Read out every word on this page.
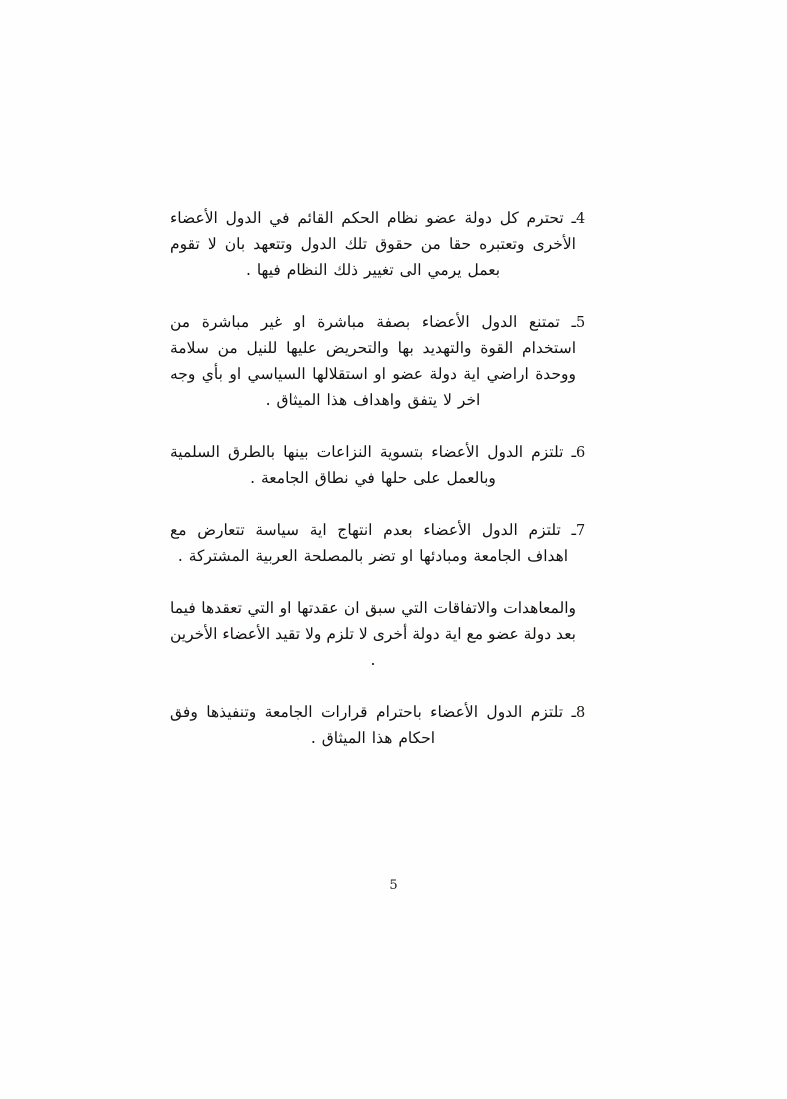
4
ـ تحترم كل دولة عضو نظام الحكم القائم في الدول الأعضاء الأخرى وتعتبره حقا من حقوق تلك الدول وتتعهد بان لا تقوم بعمل يرمي الى تغيير ذلك النظام فيها .
5
ـ تمتنع الدول الأعضاء بصفة مباشرة او غير مباشرة من استخدام القوة والتهديد بها والتحريض عليها للنيل من سلامة ووحدة اراضي اية دولة عضو او استقلالها السياسي او بأي وجه اخر لا يتفق واهداف هذا الميثاق .
6
ـ تلتزم الدول الأعضاء بتسوية النزاعات بينها بالطرق السلمية وبالعمل على حلها في نطاق الجامعة .
7
ـ تلتزم الدول الأعضاء بعدم انتهاج اية سياسة تتعارض مع اهداف الجامعة ومبادئها او تضر بالمصلحة العربية المشتركة .
والمعاهدات والاتفاقات التي سبق ان عقدتها او التي تعقدها فيما بعد دولة عضو مع اية دولة أخرى لا تلزم ولا تقيد الأعضاء الأخرين .
8
ـ تلتزم الدول الأعضاء باحترام قرارات الجامعة وتنفيذها وفق احكام هذا الميثاق .
5
